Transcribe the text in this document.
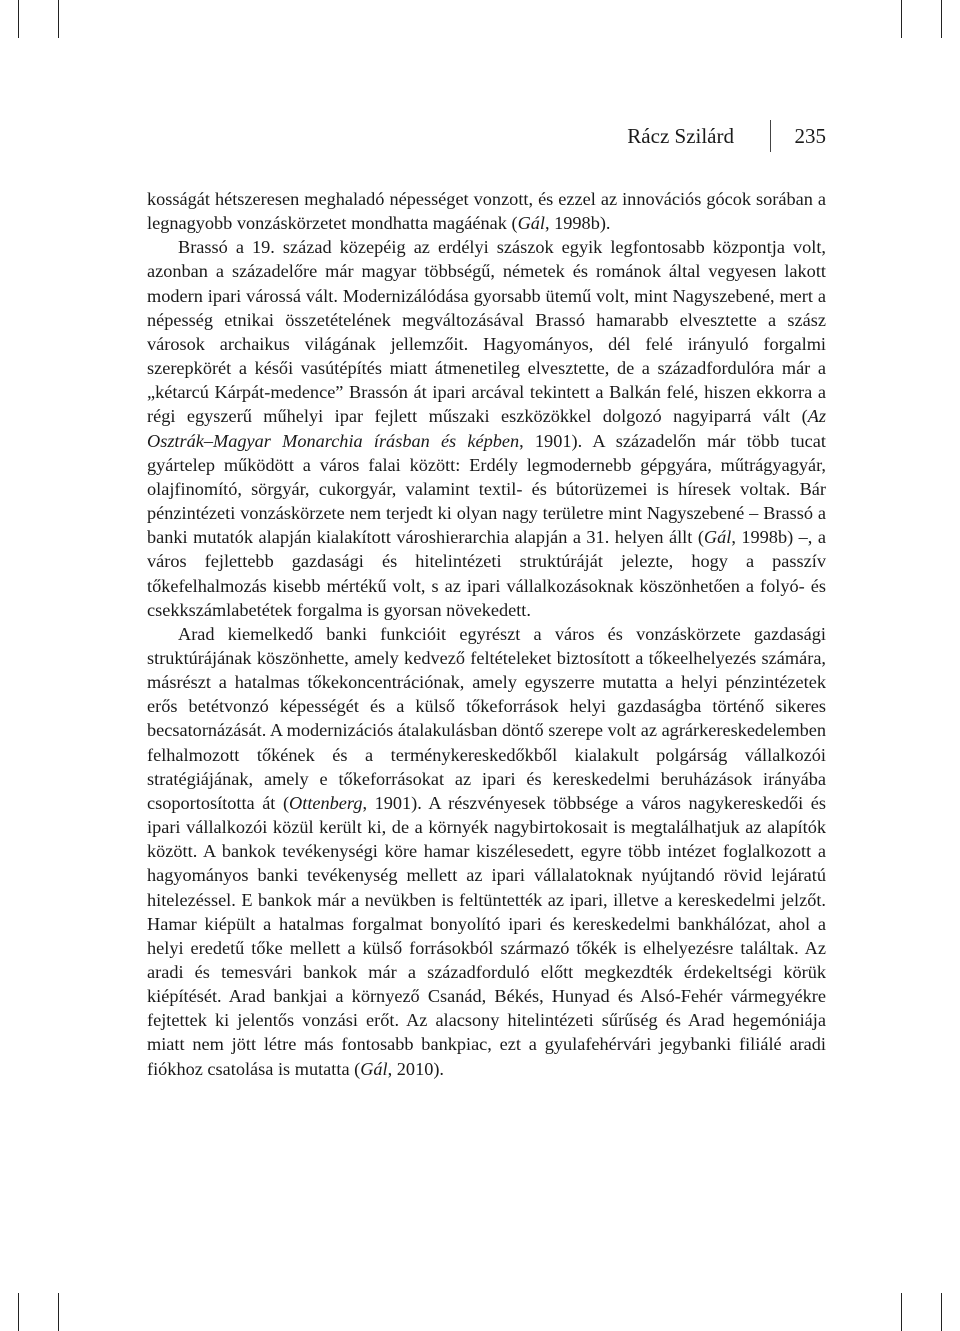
Rácz Szilárd	235

kosságát hétszeresen meghaladó népességet vonzott, és ezzel az innovációs gócok sorában a legnagyobb vonzáskörzetet mondhatta magáénak (Gál, 1998b).

Brassó a 19. század közepéig az erdélyi szászok egyik legfontosabb központja volt, azonban a századelőre már magyar többségű, németek és románok által vegyesen lakott modern ipari várossá vált. Modernizálódása gyorsabb ütemű volt, mint Nagyszebené, mert a népesség etnikai összetételének megváltozásával Brassó hamarabb elvesztette a szász városok archaikus világának jellemzőit. Hagyományos, dél felé irányuló forgalmi szerepkörét a késői vasútépítés miatt átmenetileg elvesztette, de a századfordulóra már a „kétarcú Kárpát-medence” Brassón át ipari arcával tekintett a Balkán felé, hiszen ekkorra a régi egyszerű műhelyi ipar fejlett műszaki eszközökkel dolgozó nagyiparrá vált (Az Osztrák–Magyar Monarchia írásban és képben, 1901). A századelőn már több tucat gyártelep működött a város falai között: Erdély legmodernebb gépgyára, műtrágyagyár, olajfinomító, sörgyár, cukorgyár, valamint textil- és bútorüzemei is híresek voltak. Bár pénzintézeti vonzáskörzete nem terjedt ki olyan nagy területre mint Nagyszebené – Brassó a banki mutatók alapján kialakított városhierarchia alapján a 31. helyen állt (Gál, 1998b) –, a város fejlettebb gazdasági és hitelintézeti struktúráját jelezte, hogy a passzív tőkefelhalmozás kisebb mértékű volt, s az ipari vállalkozásoknak köszönhetően a folyó- és csekkszámlabetétek forgalma is gyorsan növekedett.

Arad kiemelkedő banki funkcióit egyrészt a város és vonzáskörzete gazdasági struktúrájának köszönhette, amely kedvező feltételeket biztosított a tőkeelhelyezés számára, másrészt a hatalmas tőkekoncentrációnak, amely egyszerre mutatta a helyi pénzintézetek erős betétvonzó képességét és a külső tőkeforrások helyi gazdaságba történő sikeres becsatornázását. A modernizációs átalakulásban döntő szerepe volt az agrárkereskedelemben felhalmozott tőkének és a terménykereskedőkből kialakult polgárság vállalkozói stratégiájának, amely e tőkeforrásokat az ipari és kereskedelmi beruházások irányába csoportosította át (Ottenberg, 1901). A részvényesek többsége a város nagykereskedői és ipari vállalkozói közül került ki, de a környék nagybirtokosait is megtalálhatjuk az alapítók között. A bankok tevékenységi köre hamar kiszélesedett, egyre több intézet foglalkozott a hagyományos banki tevékenység mellett az ipari vállalatoknak nyújtandó rövid lejáratú hitelezéssel. E bankok már a nevükben is feltüntették az ipari, illetve a kereskedelmi jelzőt. Hamar kiépült a hatalmas forgalmat bonyolító ipari és kereskedelmi bankhálózat, ahol a helyi eredetű tőke mellett a külső forrásokból származó tőkék is elhelyezésre találtak. Az aradi és temesvári bankok már a századforduló előtt megkezdték érdekeltségi körük kiépítését. Arad bankjai a környező Csanád, Békés, Hunyad és Alsó-Fehér vármegyékre fejtettek ki jelentős vonzási erőt. Az alacsony hitelintézeti sűrűség és Arad hegemóniája miatt nem jött létre más fontosabb bankpiac, ezt a gyulafehérvári jegybanki filiálé aradi fiókhoz csatolása is mutatta (Gál, 2010).
